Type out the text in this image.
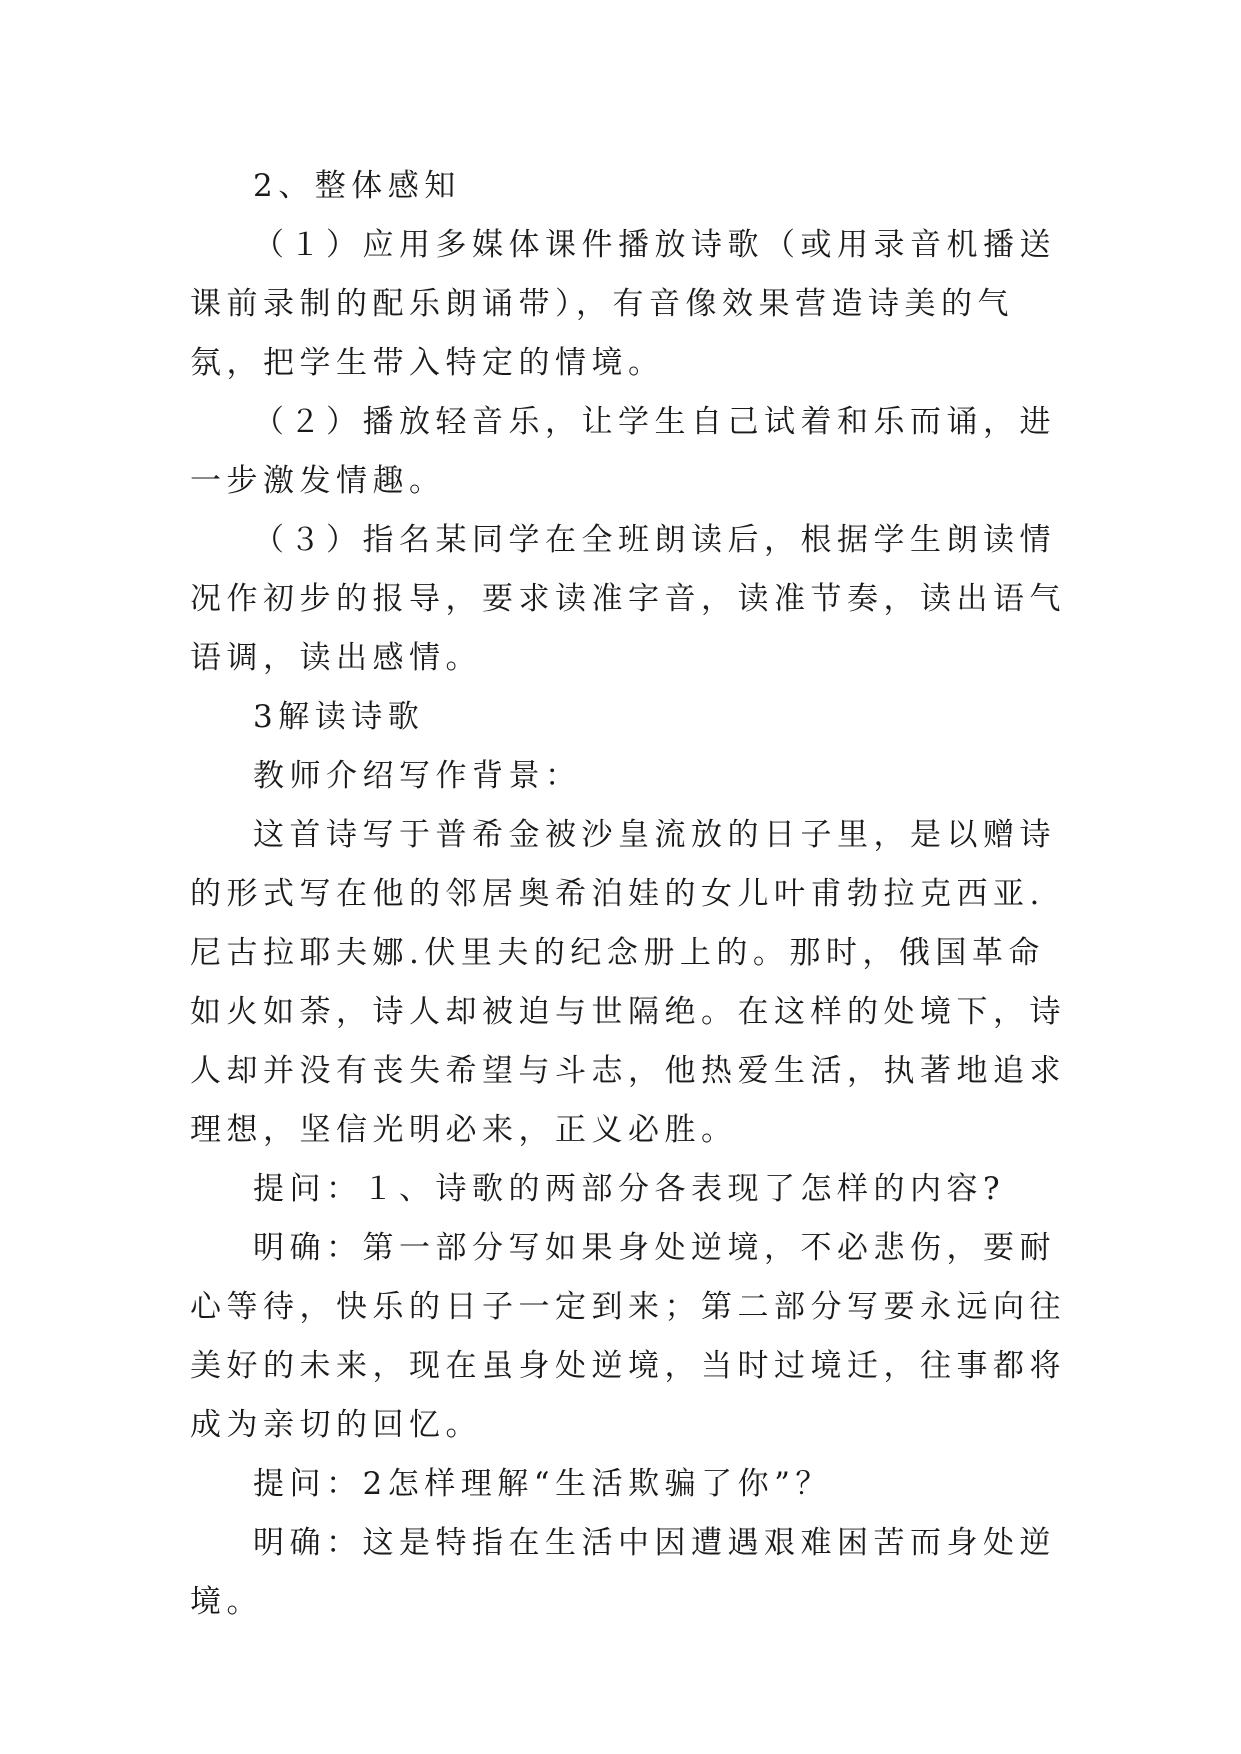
2、整体感知

（１）应用多媒体课件播放诗歌（或用录音机播送课前录制的配乐朗诵带），有音像效果营造诗美的气氛，把学生带入特定的情境。

（２）播放轻音乐，让学生自己试着和乐而诵，进一步激发情趣。

（３）指名某同学在全班朗读后，根据学生朗读情况作初步的报导，要求读准字音，读准节奏，读出语气语调，读出感情。

3解读诗歌

教师介绍写作背景：

这首诗写于普希金被沙皇流放的日子里，是以赠诗的形式写在他的邻居奥希泊娃的女儿叶甫勃拉克西亚.尼古拉耶夫娜.伏里夫的纪念册上的。那时，俄国革命如火如荼，诗人却被迫与世隔绝。在这样的处境下，诗人却并没有丧失希望与斗志，他热爱生活，执著地追求理想，坚信光明必来，正义必胜。

提问：１、诗歌的两部分各表现了怎样的内容?

明确：第一部分写如果身处逆境，不必悲伤，要耐心等待，快乐的日子一定到来；第二部分写要永远向往美好的未来，现在虽身处逆境，当时过境迁，往事都将成为亲切的回忆。

提问：2怎样理解“生活欺骗了你”？

明确：这是特指在生活中因遭遇艰难困苦而身处逆境。
